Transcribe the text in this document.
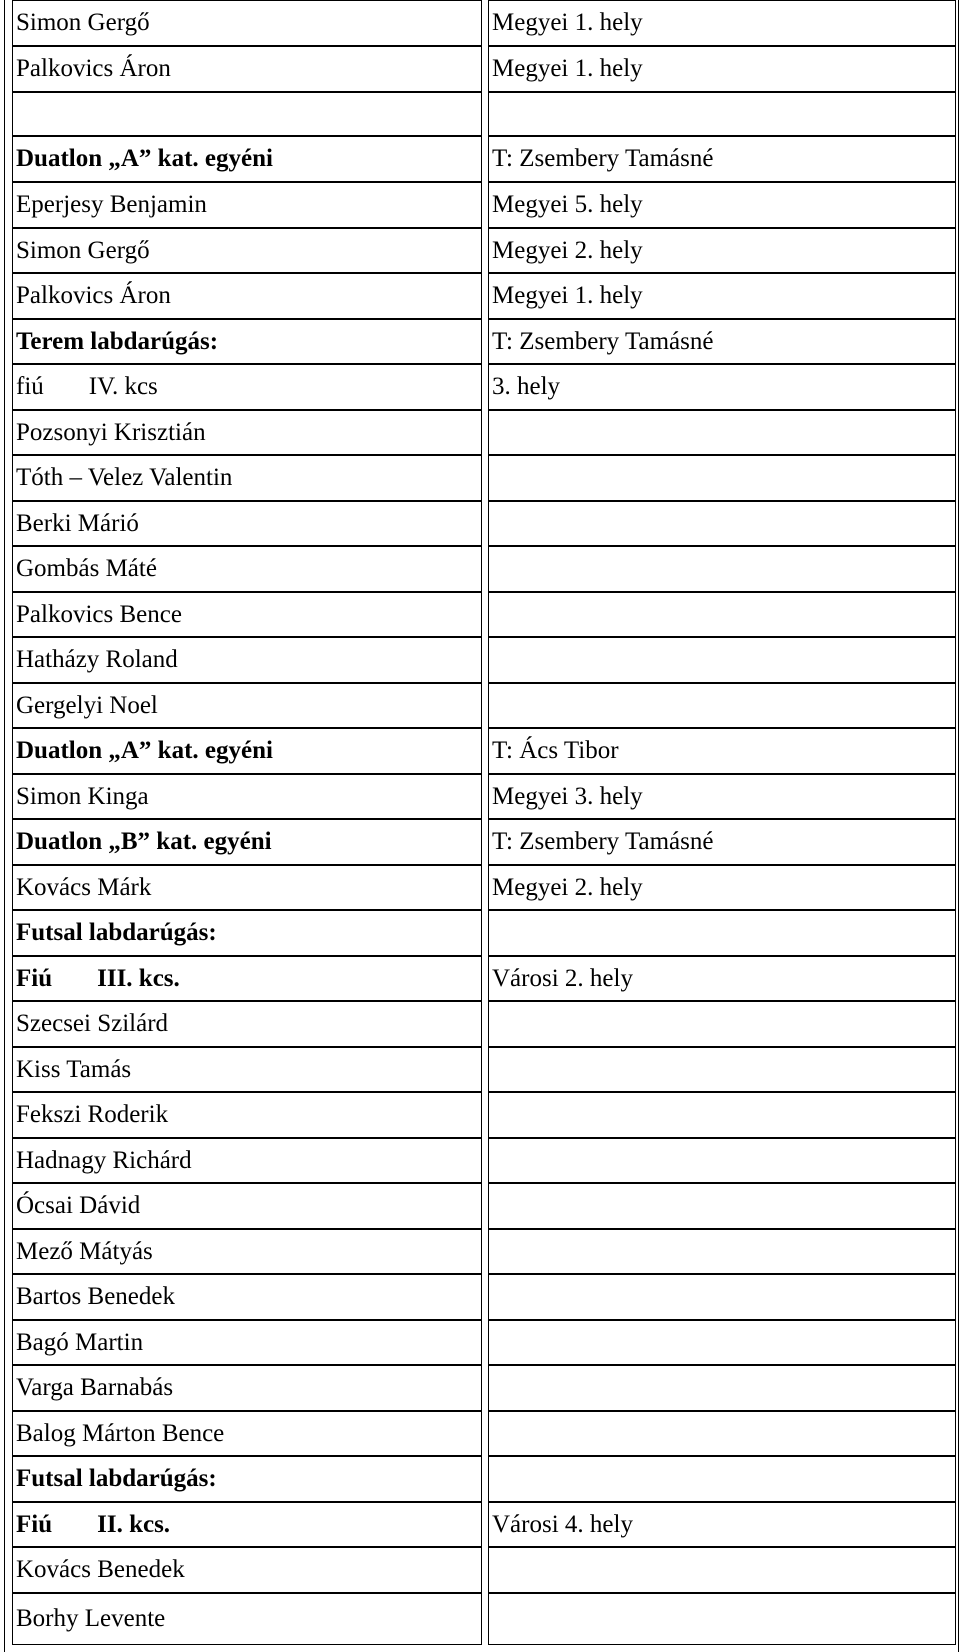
Simon Gergő	Megyei 1. hely
Palkovics Áron	Megyei 1. hely
Duatlon „A” kat. egyéni	T: Zsembery Tamásné
Eperjesy Benjamin	Megyei 5. hely
Simon Gergő	Megyei 2. hely
Palkovics Áron	Megyei 1. hely
Terem labdarúgás:	T: Zsembery Tamásné
fiú IV. kcs	3. hely
Pozsonyi Krisztián
Tóth – Velez Valentin
Berki Márió
Gombás Máté
Palkovics Bence
Hatházy Roland
Gergelyi Noel
Duatlon „A” kat. egyéni	T: Ács Tibor
Simon Kinga	Megyei 3. hely
Duatlon „B” kat. egyéni	T: Zsembery Tamásné
Kovács Márk	Megyei 2. hely
Futsal labdarúgás:
Fiú III. kcs.	Városi 2. hely
Szecsei Szilárd
Kiss Tamás
Fekszi Roderik
Hadnagy Richárd
Ócsai Dávid
Mező Mátyás
Bartos Benedek
Bagó Martin
Varga Barnabás
Balog Márton Bence
Futsal labdarúgás:
Fiú II. kcs.	Városi 4. hely
Kovács Benedek
Borhy Levente
